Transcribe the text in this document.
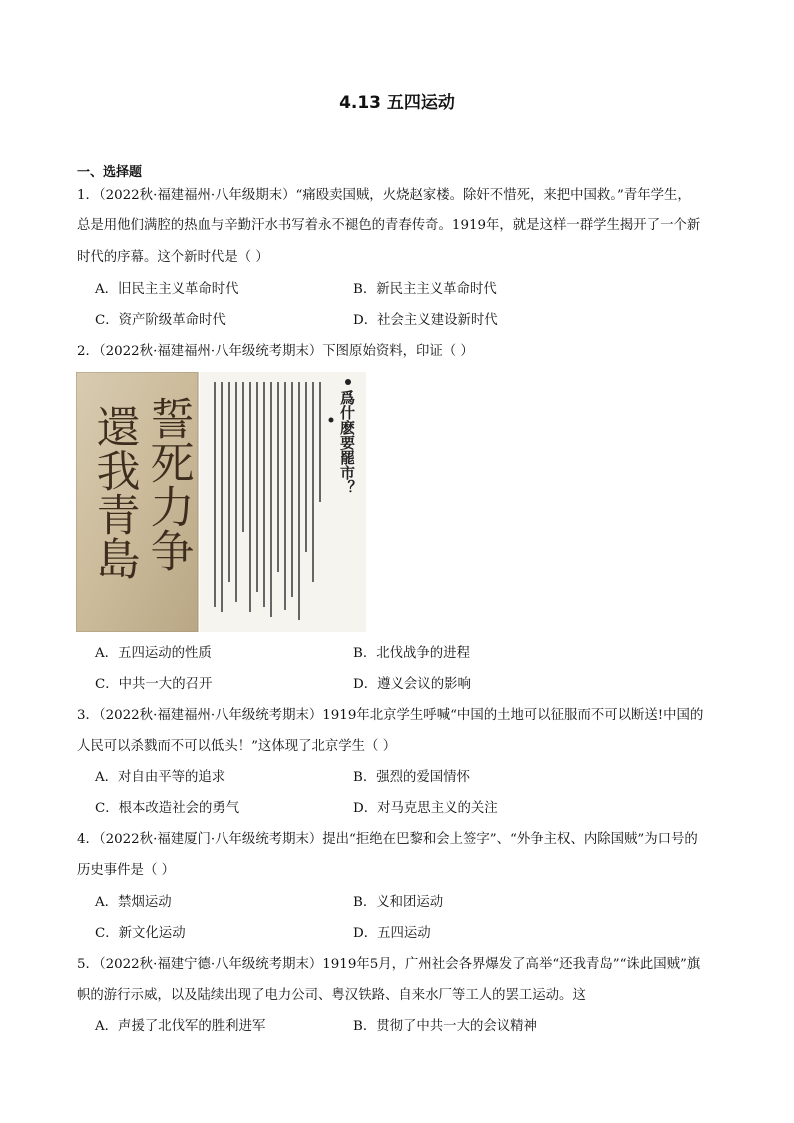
4.13 五四运动
一、选择题
1．（2022秋·福建福州·八年级期末）“痛殴卖国贼，火烧赵家楼。除奸不惜死，来把中国救。”青年学生，
总是用他们满腔的热血与辛勤汗水书写着永不褪色的青春传奇。1919年，就是这样一群学生揭开了一个新
时代的序幕。这个新时代是（ ）
A．旧民主主义革命时代	B．新民主主义革命时代
C．资产阶级革命时代	D．社会主义建设新时代
2．（2022秋·福建福州·八年级统考期末）下图原始资料，印证（ ）
誓死力争
還我青島	爲什麽要罷市？
A．五四运动的性质	B．北伐战争的进程
C．中共一大的召开	D．遵义会议的影响
3．（2022秋·福建福州·八年级统考期末）1919年北京学生呼喊“中国的土地可以征服而不可以断送!中国的
人民可以杀戮而不可以低头！”这体现了北京学生（ ）
A．对自由平等的追求	B．强烈的爱国情怀
C．根本改造社会的勇气	D．对马克思主义的关注
4．（2022秋·福建厦门·八年级统考期末）提出“拒绝在巴黎和会上签字”、“外争主权、内除国贼”为口号的
历史事件是（ ）
A．禁烟运动	B．义和团运动
C．新文化运动	D．五四运动
5．（2022秋·福建宁德·八年级统考期末）1919年5月，广州社会各界爆发了高举“还我青岛”“诛此国贼”旗
帜的游行示威，以及陆续出现了电力公司、粤汉铁路、自来水厂等工人的罢工运动。这
A．声援了北伐军的胜利进军	B．贯彻了中共一大的会议精神
